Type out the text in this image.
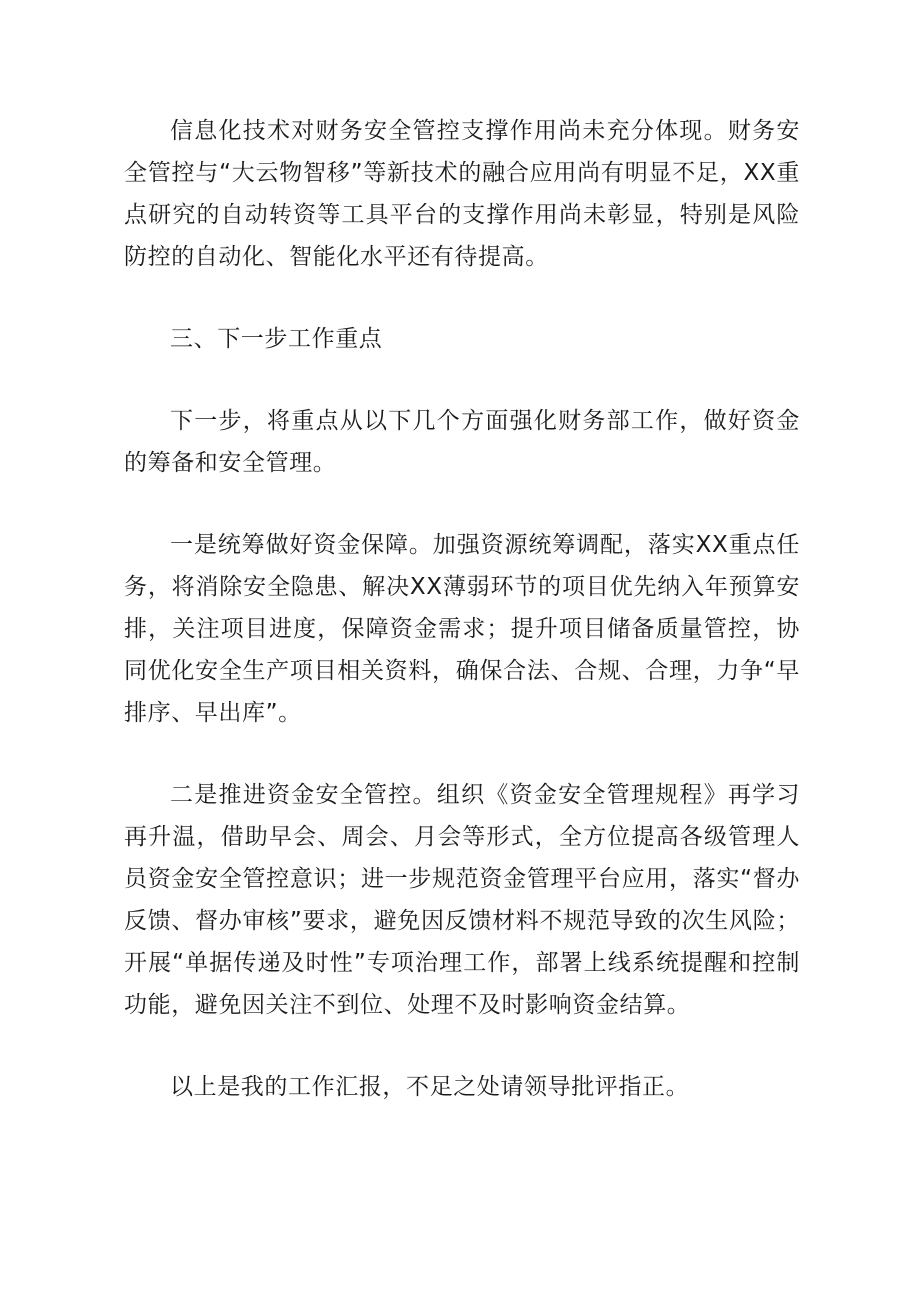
信息化技术对财务安全管控支撑作用尚未充分体现。财务安全管控与“大云物智移”等新技术的融合应用尚有明显不足，XX重点研究的自动转资等工具平台的支撑作用尚未彰显，特别是风险防控的自动化、智能化水平还有待提高。

三、下一步工作重点

下一步，将重点从以下几个方面强化财务部工作，做好资金的筹备和安全管理。

一是统筹做好资金保障。加强资源统筹调配，落实XX重点任务，将消除安全隐患、解决XX薄弱环节的项目优先纳入年预算安排，关注项目进度，保障资金需求；提升项目储备质量管控，协同优化安全生产项目相关资料，确保合法、合规、合理，力争“早排序、早出库”。

二是推进资金安全管控。组织《资金安全管理规程》再学习再升温，借助早会、周会、月会等形式，全方位提高各级管理人员资金安全管控意识；进一步规范资金管理平台应用，落实“督办反馈、督办审核”要求，避免因反馈材料不规范导致的次生风险；开展“单据传递及时性”专项治理工作，部署上线系统提醒和控制功能，避免因关注不到位、处理不及时影响资金结算。

以上是我的工作汇报，不足之处请领导批评指正。
